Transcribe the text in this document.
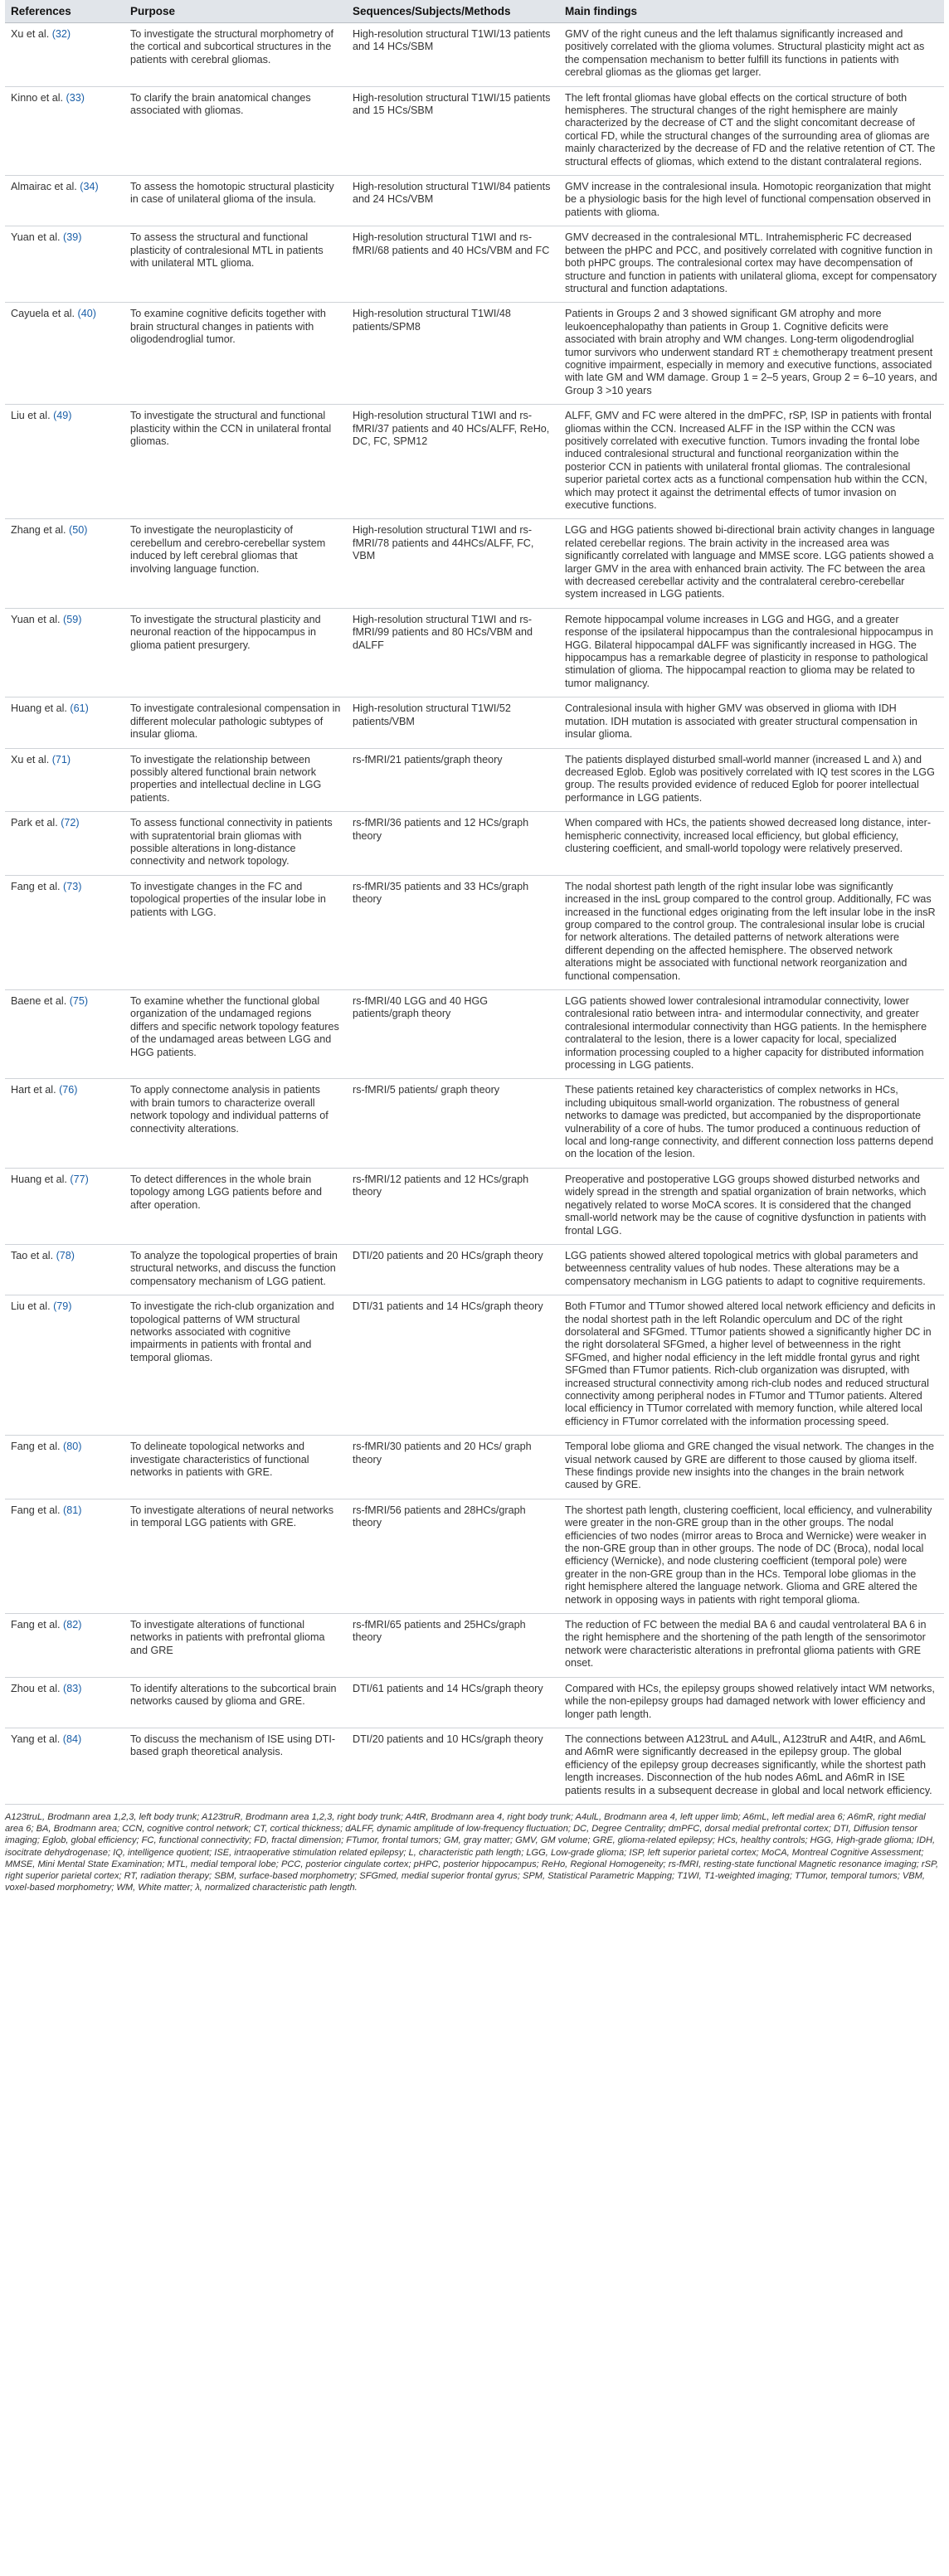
References	Purpose	Sequences/Subjects/Methods	Main findings
Xu et al. (32)	To investigate the structural morphometry of the cortical and subcortical structures in the patients with cerebral gliomas.	High-resolution structural T1WI/13 patients and 14 HCs/SBM	GMV of the right cuneus and the left thalamus significantly increased and positively correlated with the glioma volumes. Structural plasticity might act as the compensation mechanism to better fulfill its functions in patients with cerebral gliomas as the gliomas get larger.
Kinno et al. (33)	To clarify the brain anatomical changes associated with gliomas.	High-resolution structural T1WI/15 patients and 15 HCs/SBM	The left frontal gliomas have global effects on the cortical structure of both hemispheres. The structural changes of the right hemisphere are mainly characterized by the decrease of CT and the slight concomitant decrease of cortical FD, while the structural changes of the surrounding area of gliomas are mainly characterized by the decrease of FD and the relative retention of CT. The structural effects of gliomas, which extend to the distant contralateral regions.
Almairac et al. (34)	To assess the homotopic structural plasticity in case of unilateral glioma of the insula.	High-resolution structural T1WI/84 patients and 24 HCs/VBM	GMV increase in the contralesional insula. Homotopic reorganization that might be a physiologic basis for the high level of functional compensation observed in patients with glioma.
Yuan et al. (39)	To assess the structural and functional plasticity of contralesional MTL in patients with unilateral MTL glioma.	High-resolution structural T1WI and rs-fMRI/68 patients and 40 HCs/VBM and FC	GMV decreased in the contralesional MTL. Intrahemispheric FC decreased between the pHPC and PCC, and positively correlated with cognitive function in both pHPC groups. The contralesional cortex may have decompensation of structure and function in patients with unilateral glioma, except for compensatory structural and function adaptations.
Cayuela et al. (40)	To examine cognitive deficits together with brain structural changes in patients with oligodendroglial tumor.	High-resolution structural T1WI/48 patients/SPM8	Patients in Groups 2 and 3 showed significant GM atrophy and more leukoencephalopathy than patients in Group 1. Cognitive deficits were associated with brain atrophy and WM changes. Long-term oligodendroglial tumor survivors who underwent standard RT ± chemotherapy treatment present cognitive impairment, especially in memory and executive functions, associated with late GM and WM damage. Group 1 = 2–5 years, Group 2 = 6–10 years, and Group 3 >10 years
Liu et al. (49)	To investigate the structural and functional plasticity within the CCN in unilateral frontal gliomas.	High-resolution structural T1WI and rs-fMRI/37 patients and 40 HCs/ALFF, ReHo, DC, FC, SPM12	ALFF, GMV and FC were altered in the dmPFC, rSP, ISP in patients with frontal gliomas within the CCN. Increased ALFF in the ISP within the CCN was positively correlated with executive function. Tumors invading the frontal lobe induced contralesional structural and functional reorganization within the posterior CCN in patients with unilateral frontal gliomas. The contralesional superior parietal cortex acts as a functional compensation hub within the CCN, which may protect it against the detrimental effects of tumor invasion on executive functions.
Zhang et al. (50)	To investigate the neuroplasticity of cerebellum and cerebro-cerebellar system induced by left cerebral gliomas that involving language function.	High-resolution structural T1WI and rs-fMRI/78 patients and 44HCs/ALFF, FC, VBM	LGG and HGG patients showed bi-directional brain activity changes in language related cerebellar regions. The brain activity in the increased area was significantly correlated with language and MMSE score. LGG patients showed a larger GMV in the area with enhanced brain activity. The FC between the area with decreased cerebellar activity and the contralateral cerebro-cerebellar system increased in LGG patients.
Yuan et al. (59)	To investigate the structural plasticity and neuronal reaction of the hippocampus in glioma patient presurgery.	High-resolution structural T1WI and rs-fMRI/99 patients and 80 HCs/VBM and dALFF	Remote hippocampal volume increases in LGG and HGG, and a greater response of the ipsilateral hippocampus than the contralesional hippocampus in HGG. Bilateral hippocampal dALFF was significantly increased in HGG. The hippocampus has a remarkable degree of plasticity in response to pathological stimulation of glioma. The hippocampal reaction to glioma may be related to tumor malignancy.
Huang et al. (61)	To investigate contralesional compensation in different molecular pathologic subtypes of insular glioma.	High-resolution structural T1WI/52 patients/VBM	Contralesional insula with higher GMV was observed in glioma with IDH mutation. IDH mutation is associated with greater structural compensation in insular glioma.
Xu et al. (71)	To investigate the relationship between possibly altered functional brain network properties and intellectual decline in LGG patients.	rs-fMRI/21 patients/graph theory	The patients displayed disturbed small-world manner (increased L and λ) and decreased Eglob. Eglob was positively correlated with IQ test scores in the LGG group. The results provided evidence of reduced Eglob for poorer intellectual performance in LGG patients.
Park et al. (72)	To assess functional connectivity in patients with supratentorial brain gliomas with possible alterations in long-distance connectivity and network topology.	rs-fMRI/36 patients and 12 HCs/graph theory	When compared with HCs, the patients showed decreased long distance, inter-hemispheric connectivity, increased local efficiency, but global efficiency, clustering coefficient, and small-world topology were relatively preserved.
Fang et al. (73)	To investigate changes in the FC and topological properties of the insular lobe in patients with LGG.	rs-fMRI/35 patients and 33 HCs/graph theory	The nodal shortest path length of the right insular lobe was significantly increased in the insL group compared to the control group. Additionally, FC was increased in the functional edges originating from the left insular lobe in the insR group compared to the control group. The contralesional insular lobe is crucial for network alterations. The detailed patterns of network alterations were different depending on the affected hemisphere. The observed network alterations might be associated with functional network reorganization and functional compensation.
Baene et al. (75)	To examine whether the functional global organization of the undamaged regions differs and specific network topology features of the undamaged areas between LGG and HGG patients.	rs-fMRI/40 LGG and 40 HGG patients/graph theory	LGG patients showed lower contralesional intramodular connectivity, lower contralesional ratio between intra- and intermodular connectivity, and greater contralesional intermodular connectivity than HGG patients. In the hemisphere contralateral to the lesion, there is a lower capacity for local, specialized information processing coupled to a higher capacity for distributed information processing in LGG patients.
Hart et al. (76)	To apply connectome analysis in patients with brain tumors to characterize overall network topology and individual patterns of connectivity alterations.	rs-fMRI/5 patients/ graph theory	These patients retained key characteristics of complex networks in HCs, including ubiquitous small-world organization. The robustness of general networks to damage was predicted, but accompanied by the disproportionate vulnerability of a core of hubs. The tumor produced a continuous reduction of local and long-range connectivity, and different connection loss patterns depend on the location of the lesion.
Huang et al. (77)	To detect differences in the whole brain topology among LGG patients before and after operation.	rs-fMRI/12 patients and 12 HCs/graph theory	Preoperative and postoperative LGG groups showed disturbed networks and widely spread in the strength and spatial organization of brain networks, which negatively related to worse MoCA scores. It is considered that the changed small-world network may be the cause of cognitive dysfunction in patients with frontal LGG.
Tao et al. (78)	To analyze the topological properties of brain structural networks, and discuss the function compensatory mechanism of LGG patient.	DTI/20 patients and 20 HCs/graph theory	LGG patients showed altered topological metrics with global parameters and betweenness centrality values of hub nodes. These alterations may be a compensatory mechanism in LGG patients to adapt to cognitive requirements.
Liu et al. (79)	To investigate the rich-club organization and topological patterns of WM structural networks associated with cognitive impairments in patients with frontal and temporal gliomas.	DTI/31 patients and 14 HCs/graph theory	Both FTumor and TTumor showed altered local network efficiency and deficits in the nodal shortest path in the left Rolandic operculum and DC of the right dorsolateral and SFGmed. TTumor patients showed a significantly higher DC in the right dorsolateral SFGmed, a higher level of betweenness in the right SFGmed, and higher nodal efficiency in the left middle frontal gyrus and right SFGmed than FTumor patients. Rich-club organization was disrupted, with increased structural connectivity among rich-club nodes and reduced structural connectivity among peripheral nodes in FTumor and TTumor patients. Altered local efficiency in TTumor correlated with memory function, while altered local efficiency in FTumor correlated with the information processing speed.
Fang et al. (80)	To delineate topological networks and investigate characteristics of functional networks in patients with GRE.	rs-fMRI/30 patients and 20 HCs/ graph theory	Temporal lobe glioma and GRE changed the visual network. The changes in the visual network caused by GRE are different to those caused by glioma itself. These findings provide new insights into the changes in the brain network caused by GRE.
Fang et al. (81)	To investigate alterations of neural networks in temporal LGG patients with GRE.	rs-fMRI/56 patients and 28HCs/graph theory	The shortest path length, clustering coefficient, local efficiency, and vulnerability were greater in the non-GRE group than in the other groups. The nodal efficiencies of two nodes (mirror areas to Broca and Wernicke) were weaker in the non-GRE group than in other groups. The node of DC (Broca), nodal local efficiency (Wernicke), and node clustering coefficient (temporal pole) were greater in the non-GRE group than in the HCs. Temporal lobe gliomas in the right hemisphere altered the language network. Glioma and GRE altered the network in opposing ways in patients with right temporal glioma.
Fang et al. (82)	To investigate alterations of functional networks in patients with prefrontal glioma and GRE	rs-fMRI/65 patients and 25HCs/graph theory	The reduction of FC between the medial BA 6 and caudal ventrolateral BA 6 in the right hemisphere and the shortening of the path length of the sensorimotor network were characteristic alterations in prefrontal glioma patients with GRE onset.
Zhou et al. (83)	To identify alterations to the subcortical brain networks caused by glioma and GRE.	DTI/61 patients and 14 HCs/graph theory	Compared with HCs, the epilepsy groups showed relatively intact WM networks, while the non-epilepsy groups had damaged network with lower efficiency and longer path length.
Yang et al. (84)	To discuss the mechanism of ISE using DTI-based graph theoretical analysis.	DTI/20 patients and 10 HCs/graph theory	The connections between A123truL and A4ulL, A123truR and A4tR, and A6mL and A6mR were significantly decreased in the epilepsy group. The global efficiency of the epilepsy group decreases significantly, while the shortest path length increases. Disconnection of the hub nodes A6mL and A6mR in ISE patients results in a subsequent decrease in global and local network efficiency.
A123truL, Brodmann area 1,2,3, left body trunk; A123truR, Brodmann area 1,2,3, right body trunk; A4tR, Brodmann area 4, right body trunk; A4ulL, Brodmann area 4, left upper limb; A6mL, left medial area 6; A6mR, right medial area 6; BA, Brodmann area; CCN, cognitive control network; CT, cortical thickness; dALFF, dynamic amplitude of low-frequency fluctuation; DC, Degree Centrality; dmPFC, dorsal medial prefrontal cortex; DTI, Diffusion tensor imaging; Eglob, global efficiency; FC, functional connectivity; FD, fractal dimension; FTumor, frontal tumors; GM, gray matter; GMV, GM volume; GRE, glioma-related epilepsy; HCs, healthy controls; HGG, High-grade glioma; IDH, isocitrate dehydrogenase; IQ, intelligence quotient; ISE, intraoperative stimulation related epilepsy; L, characteristic path length; LGG, Low-grade glioma; ISP, left superior parietal cortex; MoCA, Montreal Cognitive Assessment; MMSE, Mini Mental State Examination; MTL, medial temporal lobe; PCC, posterior cingulate cortex; pHPC, posterior hippocampus; ReHo, Regional Homogeneity; rs-fMRI, resting-state functional Magnetic resonance imaging; rSP, right superior parietal cortex; RT, radiation therapy; SBM, surface-based morphometry; SFGmed, medial superior frontal gyrus; SPM, Statistical Parametric Mapping; T1WI, T1-weighted imaging; TTumor, temporal tumors; VBM, voxel-based morphometry; WM, White matter; λ, normalized characteristic path length.
